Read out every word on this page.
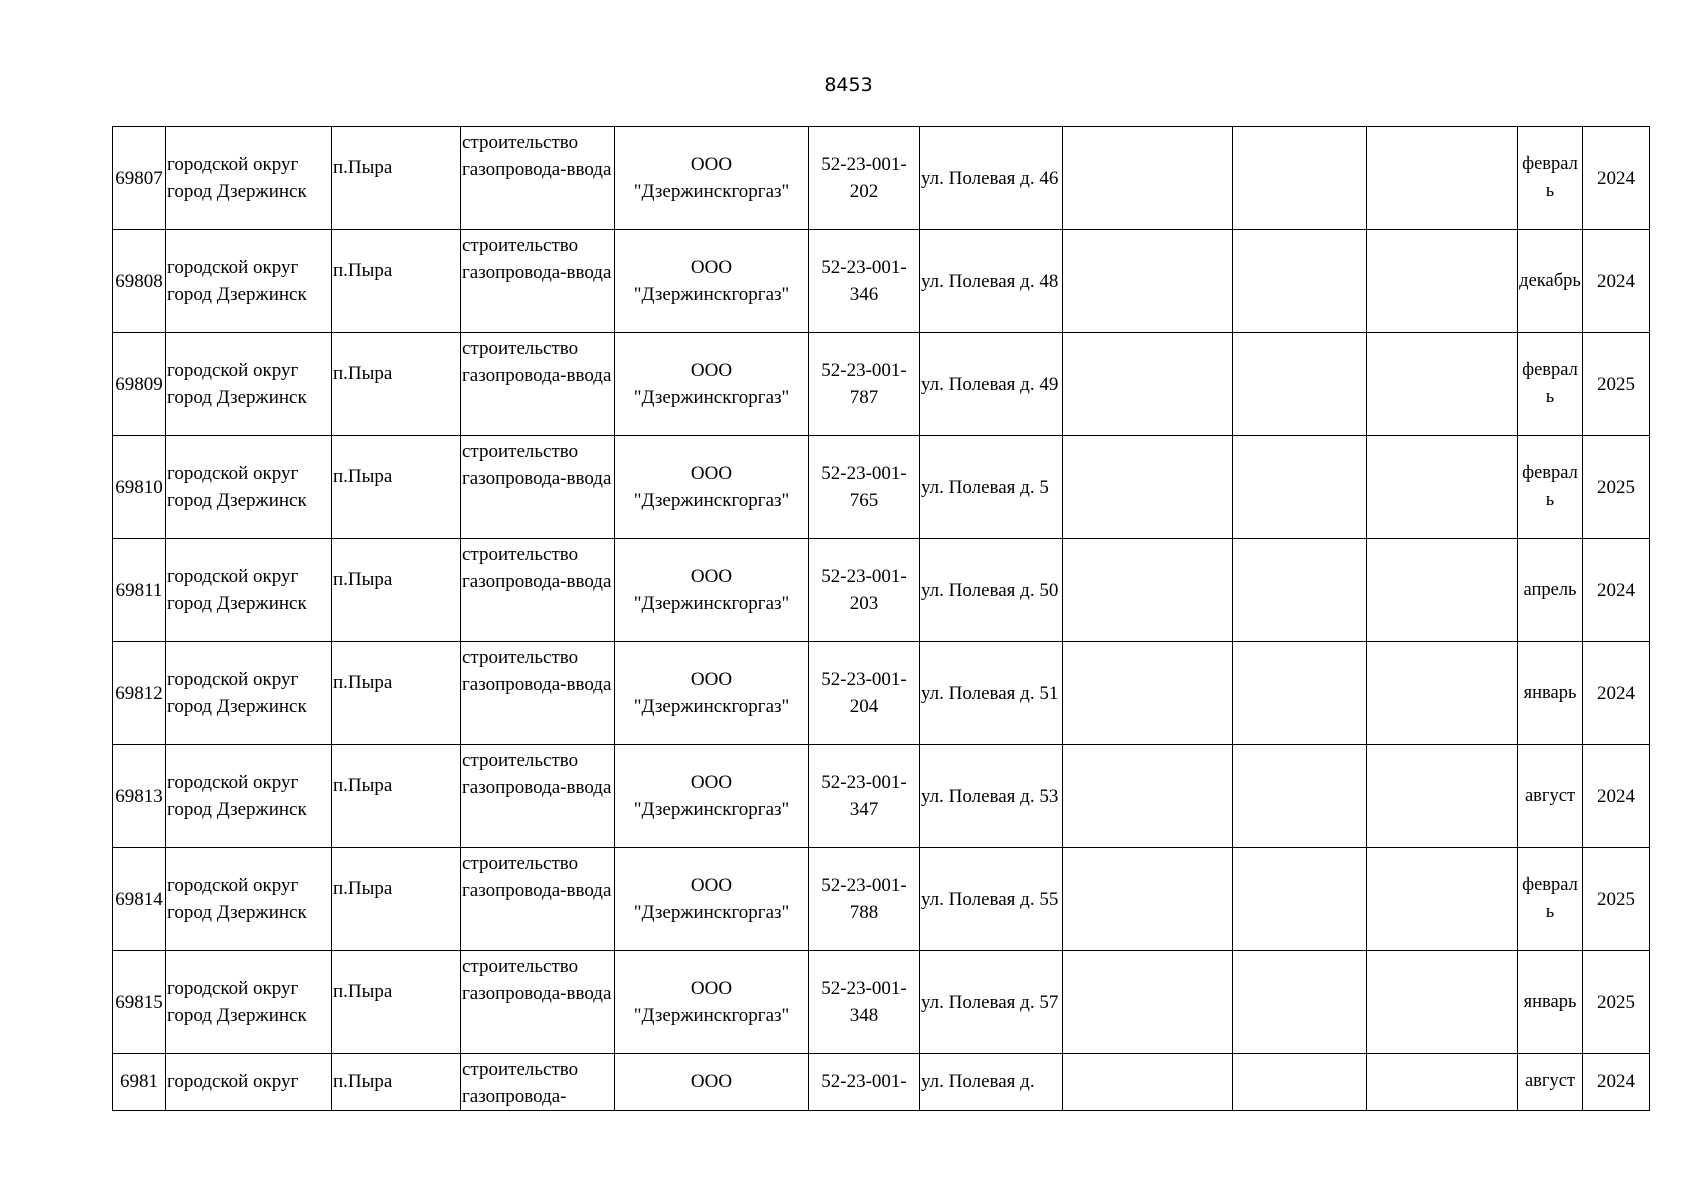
8453
69807	городской округ город Дзержинск	п.Пыра	строительство газопровода-ввода	ООО "Дзержинскгоргаз"	52-23-001-202	ул. Полевая д. 46				февраль	2024
69808	городской округ город Дзержинск	п.Пыра	строительство газопровода-ввода	ООО "Дзержинскгоргаз"	52-23-001-346	ул. Полевая д. 48				декабрь	2024
69809	городской округ город Дзержинск	п.Пыра	строительство газопровода-ввода	ООО "Дзержинскгоргаз"	52-23-001-787	ул. Полевая д. 49				февраль	2025
69810	городской округ город Дзержинск	п.Пыра	строительство газопровода-ввода	ООО "Дзержинскгоргаз"	52-23-001-765	ул. Полевая д. 5				февраль	2025
69811	городской округ город Дзержинск	п.Пыра	строительство газопровода-ввода	ООО "Дзержинскгоргаз"	52-23-001-203	ул. Полевая д. 50				апрель	2024
69812	городской округ город Дзержинск	п.Пыра	строительство газопровода-ввода	ООО "Дзержинскгоргаз"	52-23-001-204	ул. Полевая д. 51				январь	2024
69813	городской округ город Дзержинск	п.Пыра	строительство газопровода-ввода	ООО "Дзержинскгоргаз"	52-23-001-347	ул. Полевая д. 53				август	2024
69814	городской округ город Дзержинск	п.Пыра	строительство газопровода-ввода	ООО "Дзержинскгоргаз"	52-23-001-788	ул. Полевая д. 55				февраль	2025
69815	городской округ город Дзержинск	п.Пыра	строительство газопровода-ввода	ООО "Дзержинскгоргаз"	52-23-001-348	ул. Полевая д. 57				январь	2025
6981	городской округ	п.Пыра	строительство газопровода-	ООО	52-23-001-	ул. Полевая д.				август	2024
